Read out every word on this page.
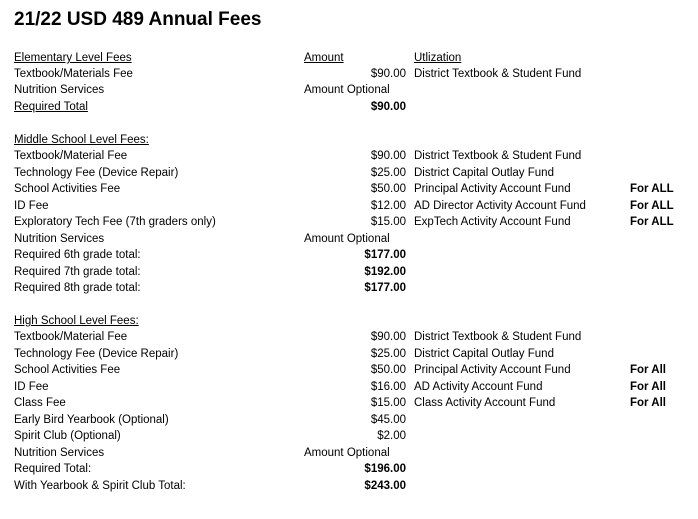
21/22 USD 489 Annual Fees
Elementary Level Fees	Amount	Utlization
Textbook/Materials Fee	$90.00 District Textbook & Student Fund
Nutrition Services	Amount Optional
Required Total	$90.00
Middle School Level Fees:
Textbook/Material Fee	$90.00 District Textbook & Student Fund
Technology Fee (Device Repair)	$25.00 District Capital Outlay Fund
School Activities Fee	$50.00 Principal Activity Account Fund	For ALL
ID Fee	$12.00 AD Director Activity Account Fund	For ALL
Exploratory Tech Fee (7th graders only)	$15.00 ExpTech Activity Account Fund	For ALL
Nutrition Services	Amount Optional
Required 6th grade total:	$177.00
Required 7th grade total:	$192.00
Required 8th grade total:	$177.00
High School Level Fees:
Textbook/Material Fee	$90.00 District Textbook & Student Fund
Technology Fee (Device Repair)	$25.00 District Capital Outlay Fund
School Activities Fee	$50.00 Principal Activity Account Fund	For All
ID Fee	$16.00 AD Activity Account Fund	For All
Class Fee	$15.00 Class Activity Account Fund	For All
Early Bird Yearbook (Optional)	$45.00
Spirit Club (Optional)	$2.00
Nutrition Services	Amount Optional
Required Total:	$196.00
With Yearbook & Spirit Club Total:	$243.00
